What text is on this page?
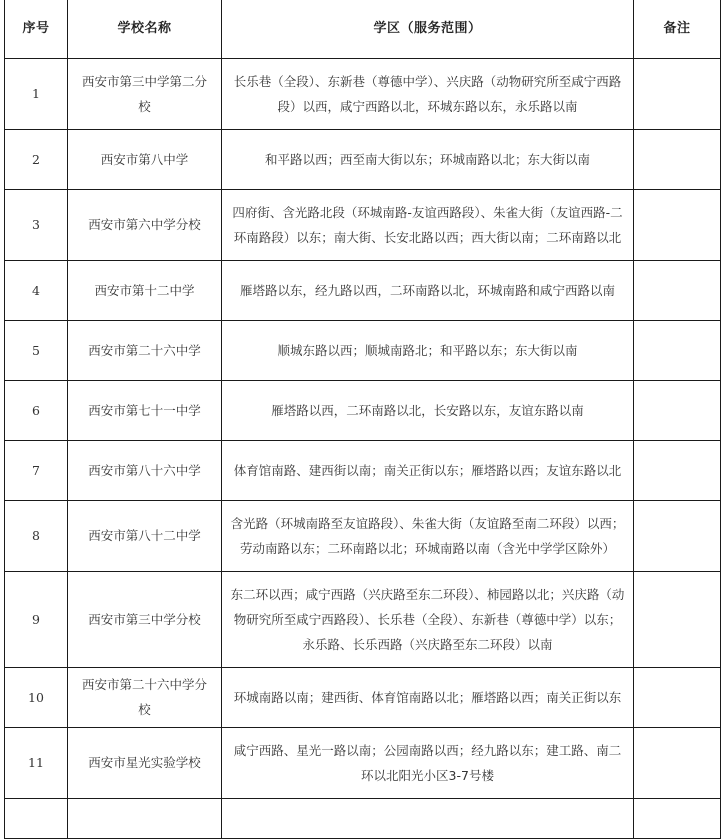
序号	学校名称	学区（服务范围）	备注
1	西安市第三中学第二分校	长乐巷（全段）、东新巷（尊德中学）、兴庆路（动物研究所至咸宁西路段）以西，咸宁西路以北，环城东路以东，永乐路以南	
2	西安市第八中学	和平路以西；西至南大街以东；环城南路以北；东大街以南	
3	西安市第六中学分校	四府街、含光路北段（环城南路-友谊西路段）、朱雀大街（友谊西路-二环南路段）以东；南大街、长安北路以西；西大街以南；二环南路以北	
4	西安市第十二中学	雁塔路以东，经九路以西，二环南路以北，环城南路和咸宁西路以南	
5	西安市第二十六中学	顺城东路以西；顺城南路北；和平路以东；东大街以南	
6	西安市第七十一中学	雁塔路以西，二环南路以北，长安路以东，友谊东路以南	
7	西安市第八十六中学	体育馆南路、建西街以南；南关正街以东；雁塔路以西；友谊东路以北	
8	西安市第八十二中学	含光路（环城南路至友谊路段）、朱雀大街（友谊路至南二环段）以西；劳动南路以东；二环南路以北；环城南路以南（含光中学学区除外）	
9	西安市第三中学分校	东二环以西；咸宁西路（兴庆路至东二环段）、柿园路以北；兴庆路（动物研究所至咸宁西路段）、长乐巷（全段）、东新巷（尊德中学）以东；永乐路、长乐西路（兴庆路至东二环段）以南	
10	西安市第二十六中学分校	环城南路以南；建西街、体育馆南路以北；雁塔路以西；南关正街以东	
11	西安市星光实验学校	咸宁西路、星光一路以南；公园南路以西；经九路以东；建工路、南二环以北阳光小区3-7号楼	
